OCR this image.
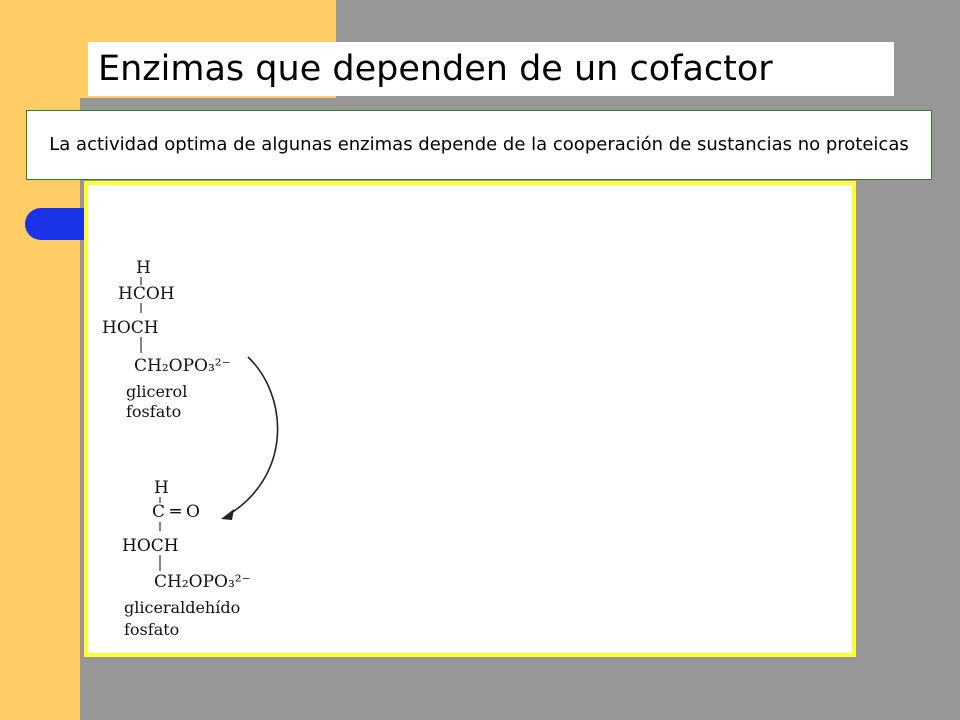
Enzimas que dependen de un cofactor
La actividad optima de algunas enzimas depende de la cooperación de sustancias no proteicas
H
HCOH
HOCH
CH₂OPO₃²⁻
glicerol
fosfato
H
C ═ O
HOCH
CH₂OPO₃²⁻
gliceraldehído
fosfato
